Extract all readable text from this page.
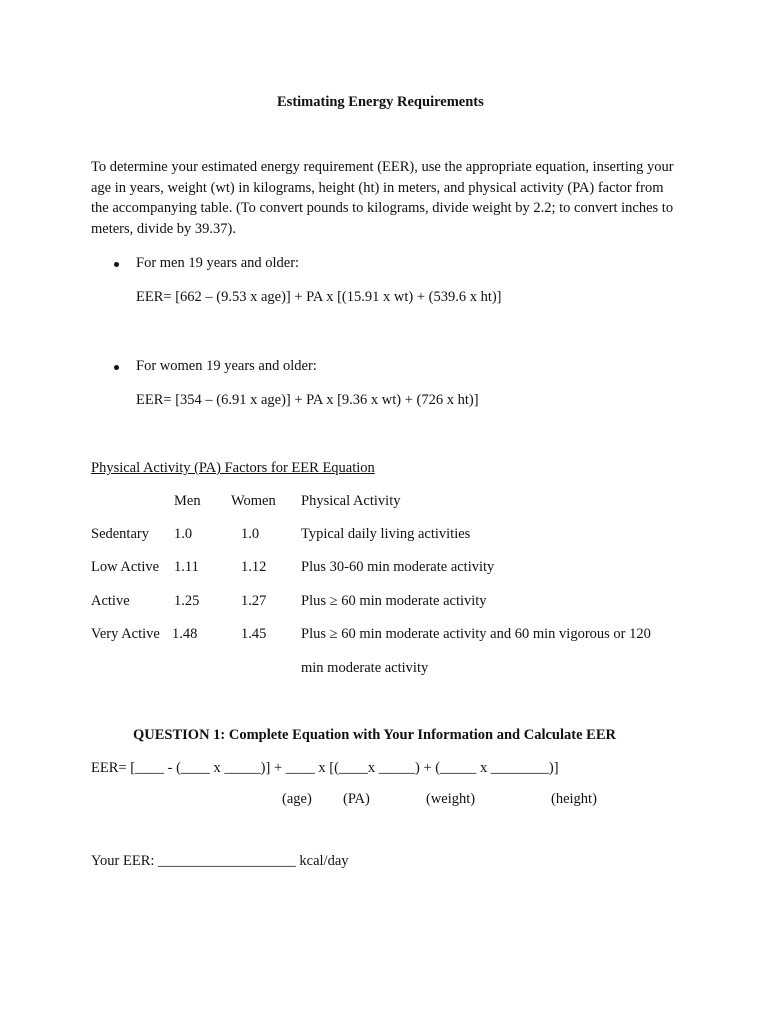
Estimating Energy Requirements
To determine your estimated energy requirement (EER), use the appropriate equation, inserting your age in years, weight (wt) in kilograms, height (ht) in meters, and physical activity (PA) factor from the accompanying table. (To convert pounds to kilograms, divide weight by 2.2; to convert inches to meters, divide by 39.37).
For men 19 years and older:
EER= [662 – (9.53 x age)] + PA x [(15.91 x wt) + (539.6 x ht)]
For women 19 years and older:
EER= [354 – (6.91 x age)] + PA x [9.36 x wt) + (726 x ht)]
Physical Activity (PA) Factors for EER Equation
Men Women Physical Activity
Sedentary 1.0	1.0	Typical daily living activities
Low Active 1.11	1.12 Plus 30-60 min moderate activity
Active	1.25	1.27 Plus ≥ 60 min moderate activity
Very Active 1.48	1.45 Plus ≥ 60 min moderate activity and 60 min vigorous or 120
min moderate activity
QUESTION 1: Complete Equation with Your Information and Calculate EER
EER= [____ - (____ x _____)] + ____ x [(____x _____) + (_____ x ________)]
(age) (PA)	(weight)	(height)
Your EER: ___________________ kcal/day
